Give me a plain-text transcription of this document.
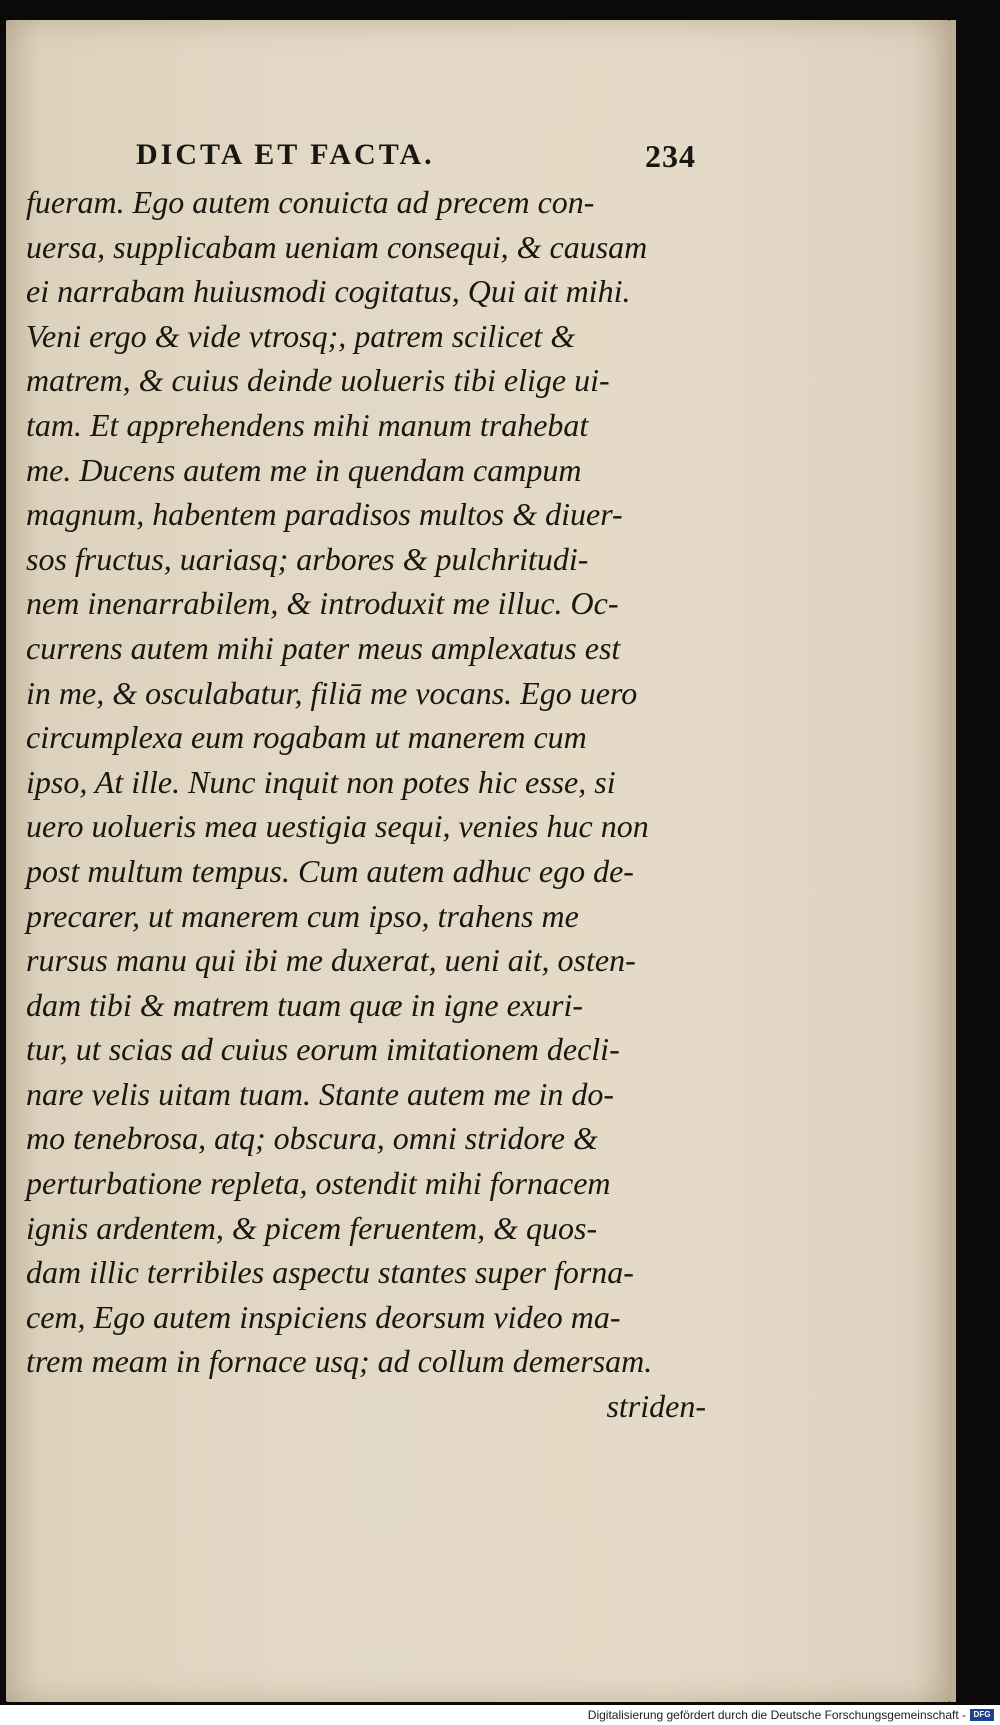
DICTA ET FACTA.	234
fueram. Ego autem conuicta ad precem con-
uersa, supplicabam ueniam consequi, & causam
ei narrabam huiusmodi cogitatus, Qui ait mihi.
Veni ergo & vide vtrosq;, patrem scilicet &
matrem, & cuius deinde uolueris tibi elige ui-
tam. Et apprehendens mihi manum trahebat
me. Ducens autem me in quendam campum
magnum, habentem paradisos multos & diuer-
sos fructus, uariasq; arbores & pulchritudi-
nem inenarrabilem, & introduxit me illuc. Oc-
currens autem mihi pater meus amplexatus est
in me, & osculabatur, filiā me vocans. Ego uero
circumplexa eum rogabam ut manerem cum
ipso, At ille. Nunc inquit non potes hic esse, si
uero uolueris mea uestigia sequi, venies huc non
post multum tempus. Cum autem adhuc ego de-
precarer, ut manerem cum ipso, trahens me
rursus manu qui ibi me duxerat, ueni ait, osten-
dam tibi & matrem tuam quæ in igne exuri-
tur, ut scias ad cuius eorum imitationem decli-
nare velis uitam tuam. Stante autem me in do-
mo tenebrosa, atq; obscura, omni stridore &
perturbatione repleta, ostendit mihi fornacem
ignis ardentem, & picem feruentem, & quos-
dam illic terribiles aspectu stantes super forna-
cem, Ego autem inspiciens deorsum video ma-
trem meam in fornace usq; ad collum demersam.
striden-
Digitalisierung gefördert durch die Deutsche Forschungsgemeinschaft - DFG
